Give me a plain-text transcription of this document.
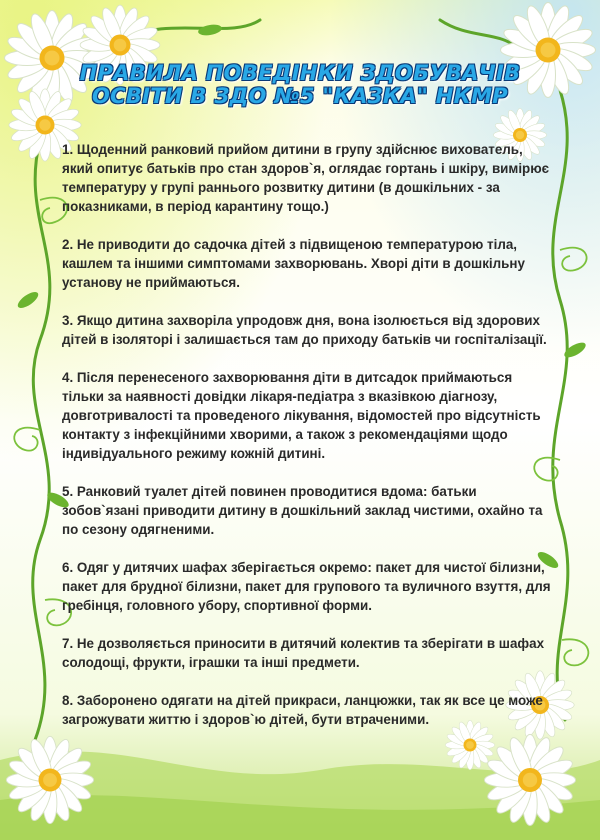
ПРАВИЛА ПОВЕДІНКИ ЗДОБУВАЧІВ
ОСВІТИ В ЗДО №5 "КАЗКА" НКМР

1. Щоденний ранковий прийом дитини в групу здійснює вихователь, який опитує батьків про стан здоров`я, оглядає гортань і шкіру, вимірює температуру у групі раннього розвитку дитини (в дошкільних - за показниками, в період карантину тощо.)

2. Не приводити до садочка дітей з підвищеною температурою тіла, кашлем та іншими симптомами захворювань. Хворі діти в дошкільну установу не приймаються.

3. Якщо дитина захворіла упродовж дня, вона ізолюється від здорових дітей в ізоляторі і залишається там до приходу батьків чи госпіталізації.

4. Після перенесеного захворювання діти в дитсадок приймаються тільки за наявності довідки лікаря-педіатра з вказівкою діагнозу, довготривалості та проведеного лікування, відомостей про відсутність контакту з інфекційними хворими, а також з рекомендаціями щодо індивідуального режиму кожній дитині.

5. Ранковий туалет дітей повинен проводитися вдома: батьки зобов`язані приводити дитину в дошкільний заклад чистими, охайно та по сезону одягненими.

6. Одяг у дитячих шафах зберігається окремо: пакет для чистої білизни, пакет для брудної білизни, пакет для групового та вуличного взуття, для гребінця, головного убору, спортивної форми.

7. Не дозволяється приносити в дитячий колектив та зберігати в шафах солодощі, фрукти, іграшки та інші предмети.

8. Заборонено одягати на дітей прикраси, ланцюжки, так як все це може загрожувати життю і здоров`ю дітей, бути втраченими.
